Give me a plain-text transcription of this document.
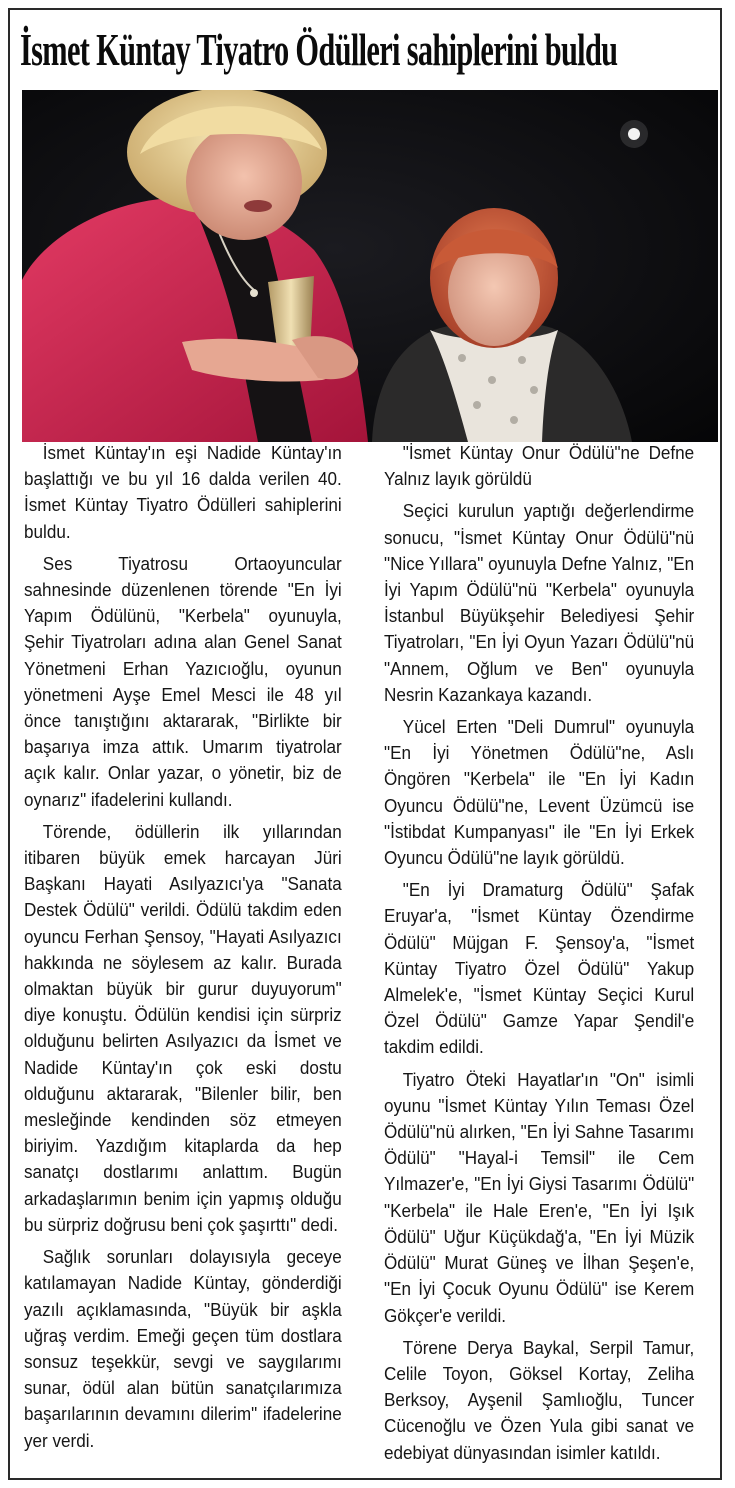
İsmet Küntay Tiyatro Ödülleri sahiplerini buldu

İsmet Küntay'ın eşi Nadide Küntay'ın başlattığı ve bu yıl 16 dalda verilen 40. İsmet Küntay Tiyatro Ödülleri sahiplerini buldu.

Ses Tiyatrosu Ortaoyuncular sahnesinde düzenlenen törende "En İyi Yapım Ödülünü, "Kerbela" oyunuyla, Şehir Tiyatroları adına alan Genel Sanat Yönetmeni Erhan Yazıcıoğlu, oyunun yönetmeni Ayşe Emel Mesci ile 48 yıl önce tanıştığını aktararak, "Birlikte bir başarıya imza attık. Umarım tiyatrolar açık kalır. Onlar yazar, o yönetir, biz de oynarız" ifadelerini kullandı.

Törende, ödüllerin ilk yıllarından itibaren büyük emek harcayan Jüri Başkanı Hayati Asılyazıcı'ya "Sanata Destek Ödülü" verildi. Ödülü takdim eden oyuncu Ferhan Şensoy, "Hayati Asılyazıcı hakkında ne söylesem az kalır. Burada olmaktan büyük bir gurur duyuyorum" diye konuştu. Ödülün kendisi için sürpriz olduğunu belirten Asılyazıcı da İsmet ve Nadide Küntay'ın çok eski dostu olduğunu aktararak, "Bilenler bilir, ben mesleğinde kendinden söz etmeyen biriyim. Yazdığım kitaplarda da hep sanatçı dostlarımı anlattım. Bugün arkadaşlarımın benim için yapmış olduğu bu sürpriz doğrusu beni çok şaşırttı" dedi.

Sağlık sorunları dolayısıyla geceye katılamayan Nadide Küntay, gönderdiği yazılı açıklamasında, "Büyük bir aşkla uğraş verdim. Emeği geçen tüm dostlara sonsuz teşekkür, sevgi ve saygılarımı sunar, ödül alan bütün sanatçılarımıza başarılarının devamını dilerim" ifadelerine yer verdi.

"İsmet Küntay Onur Ödülü"ne Defne Yalnız layık görüldü

Seçici kurulun yaptığı değerlendirme sonucu, "İsmet Küntay Onur Ödülü"nü "Nice Yıllara" oyunuyla Defne Yalnız, "En İyi Yapım Ödülü"nü "Kerbela" oyunuyla İstanbul Büyükşehir Belediyesi Şehir Tiyatroları, "En İyi Oyun Yazarı Ödülü"nü "Annem, Oğlum ve Ben" oyunuyla Nesrin Kazankaya kazandı.

Yücel Erten "Deli Dumrul" oyunuyla "En İyi Yönetmen Ödülü"ne, Aslı Öngören "Kerbela" ile "En İyi Kadın Oyuncu Ödülü"ne, Levent Üzümcü ise "İstibdat Kumpanyası" ile "En İyi Erkek Oyuncu Ödülü"ne layık görüldü.

"En İyi Dramaturg Ödülü" Şafak Eruyar'a, "İsmet Küntay Özendirme Ödülü" Müjgan F. Şensoy'a, "İsmet Küntay Tiyatro Özel Ödülü" Yakup Almelek'e, "İsmet Küntay Seçici Kurul Özel Ödülü" Gamze Yapar Şendil'e takdim edildi.

Tiyatro Öteki Hayatlar'ın "On" isimli oyunu "İsmet Küntay Yılın Teması Özel Ödülü"nü alırken, "En İyi Sahne Tasarımı Ödülü" "Hayal-i Temsil" ile Cem Yılmazer'e, "En İyi Giysi Tasarımı Ödülü" "Kerbela" ile Hale Eren'e, "En İyi Işık Ödülü" Uğur Küçükdağ'a, "En İyi Müzik Ödülü" Murat Güneş ve İlhan Şeşen'e, "En İyi Çocuk Oyunu Ödülü" ise Kerem Gökçer'e verildi.

Törene Derya Baykal, Serpil Tamur, Celile Toyon, Göksel Kortay, Zeliha Berksoy, Ayşenil Şamlıoğlu, Tuncer Cücenoğlu ve Özen Yula gibi sanat ve edebiyat dünyasından isimler katıldı.
